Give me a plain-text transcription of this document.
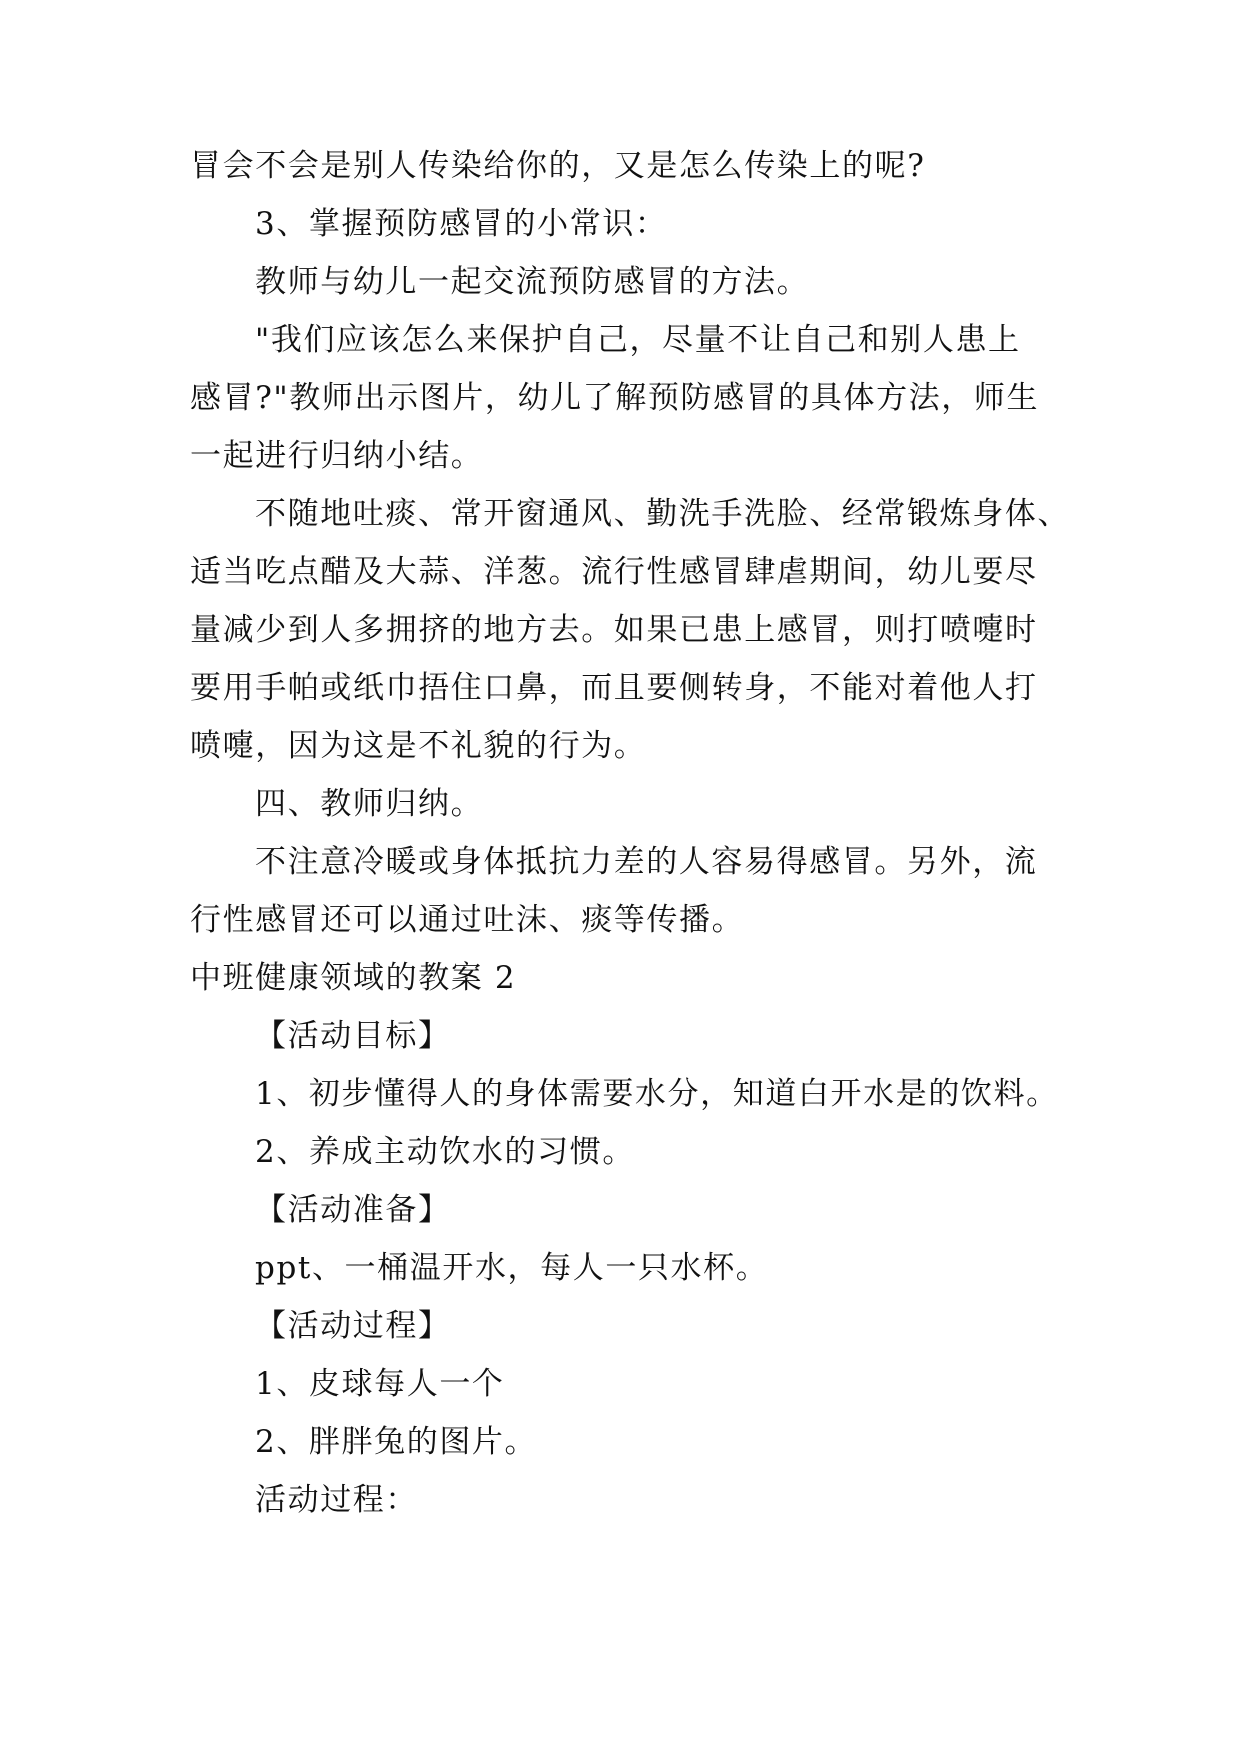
冒会不会是别人传染给你的，又是怎么传染上的呢?

3、掌握预防感冒的小常识：

教师与幼儿一起交流预防感冒的方法。

"我们应该怎么来保护自己，尽量不让自己和别人患上

感冒?"教师出示图片，幼儿了解预防感冒的具体方法，师生

一起进行归纳小结。

不随地吐痰、常开窗通风、勤洗手洗脸、经常锻炼身体、

适当吃点醋及大蒜、洋葱。流行性感冒肆虐期间，幼儿要尽

量减少到人多拥挤的地方去。如果已患上感冒，则打喷嚏时

要用手帕或纸巾捂住口鼻，而且要侧转身，不能对着他人打

喷嚏，因为这是不礼貌的行为。

四、教师归纳。

不注意冷暖或身体抵抗力差的人容易得感冒。另外，流

行性感冒还可以通过吐沫、痰等传播。

中班健康领域的教案 2

【活动目标】

1、初步懂得人的身体需要水分，知道白开水是的饮料。

2、养成主动饮水的习惯。

【活动准备】

ppt、一桶温开水，每人一只水杯。

【活动过程】

1、皮球每人一个

2、胖胖兔的图片。

活动过程：
